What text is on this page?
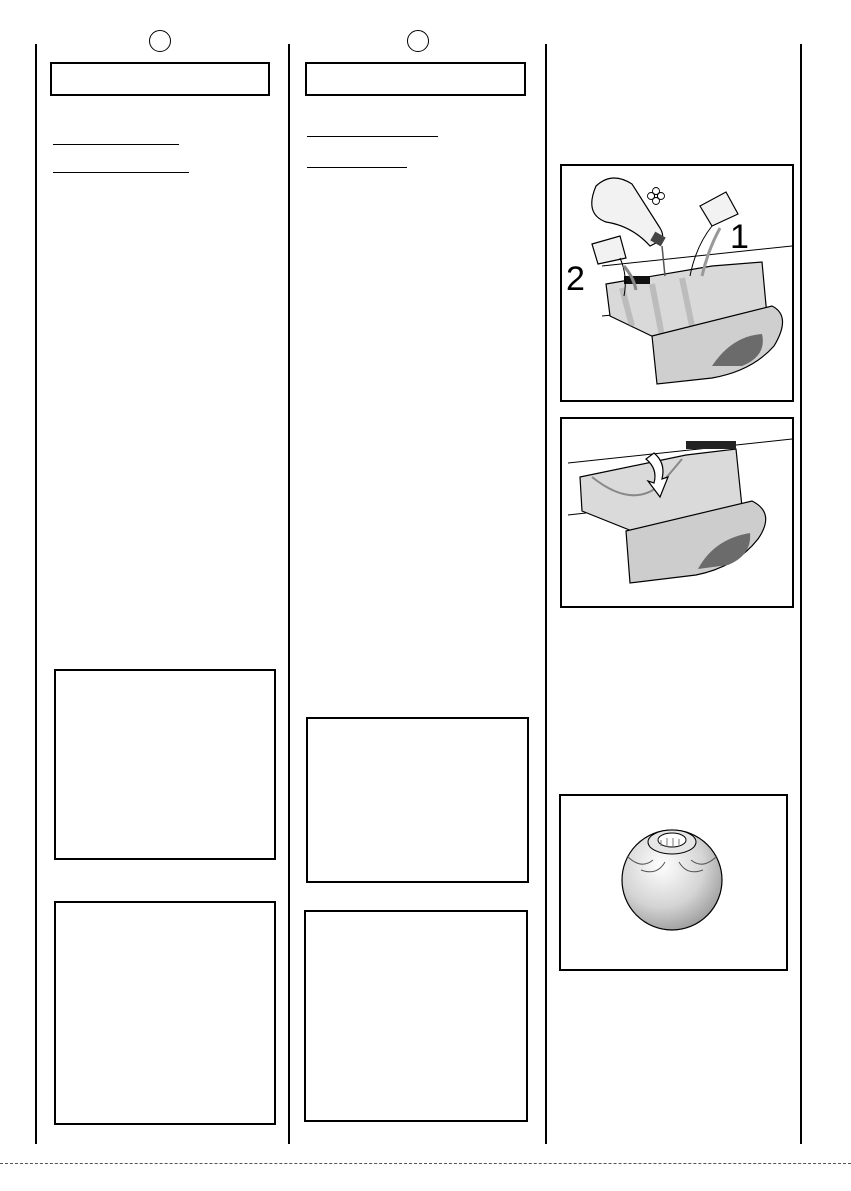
1
2
